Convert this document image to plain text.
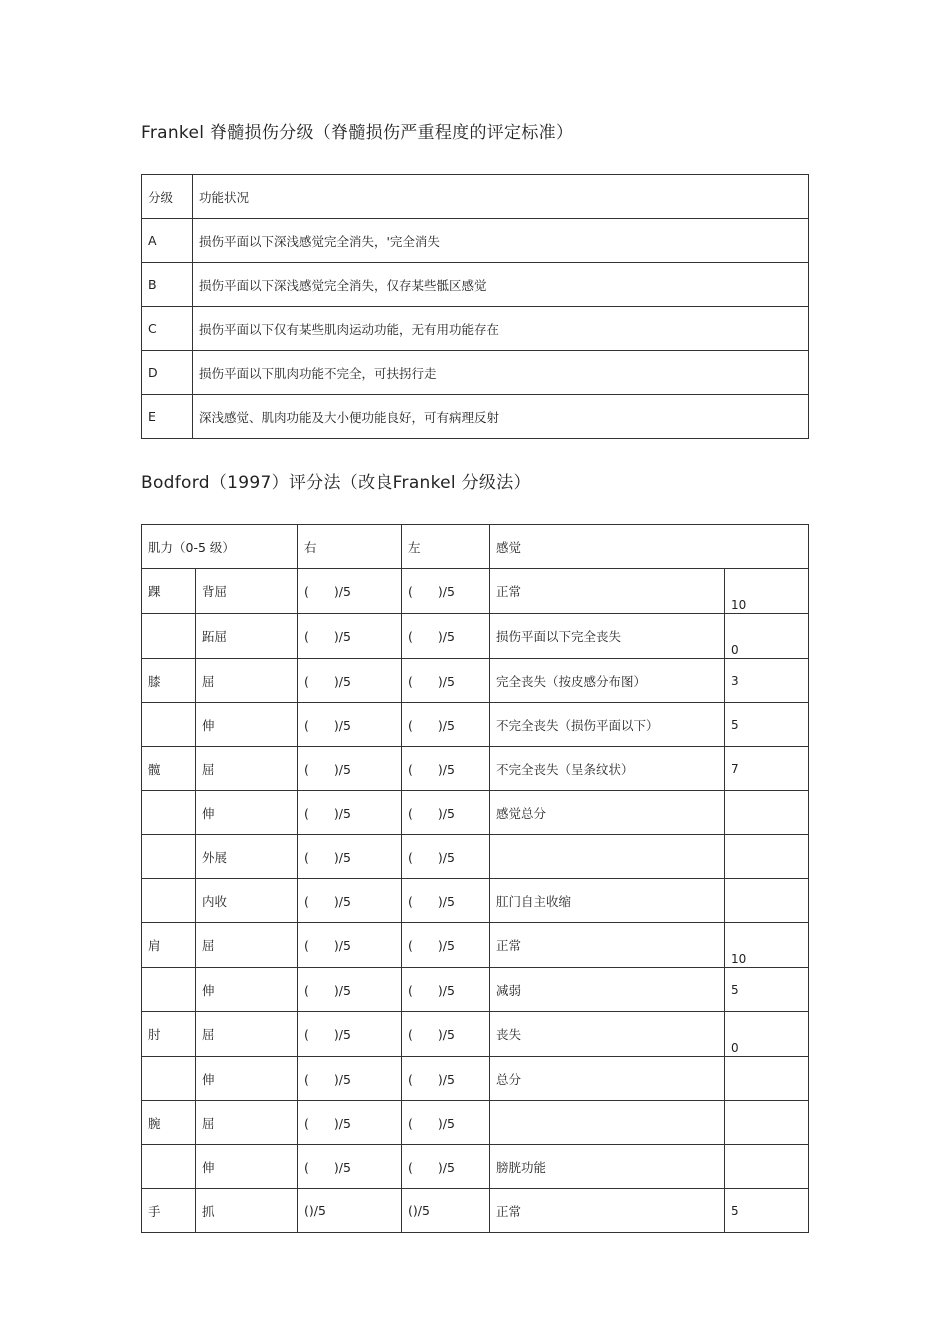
Frankel 脊髓损伤分级（脊髓损伤严重程度的评定标准）
分级	功能状况
A	损伤平面以下深浅感觉完全消失，'完全消失
B	损伤平面以下深浅感觉完全消失，仅存某些骶区感觉
C	损伤平面以下仅有某些肌肉运动功能，无有用功能存在
D	损伤平面以下肌肉功能不完全，可扶拐行走
E	深浅感觉、肌肉功能及大小便功能良好，可有病理反射
Bodford（1997）评分法（改良Frankel 分级法）
肌力（0-5 级）		右	左	感觉	
踝	背屈	(　　)/5	(　　)/5	正常	10
	跖屈	(　　)/5	(　　)/5	损伤平面以下完全丧失	0
膝	屈	(　　)/5	(　　)/5	完全丧失（按皮感分布图）	3
	伸	(　　)/5	(　　)/5	不完全丧失（损伤平面以下）	5
髋	屈	(　　)/5	(　　)/5	不完全丧失（呈条纹状）	7
	伸	(　　)/5	(　　)/5	感觉总分	
	外展	(　　)/5	(　　)/5		
	内收	(　　)/5	(　　)/5	肛门自主收缩	
肩	屈	(　　)/5	(　　)/5	正常	10
	伸	(　　)/5	(　　)/5	减弱	5
肘	屈	(　　)/5	(　　)/5	丧失	0
	伸	(　　)/5	(　　)/5	总分	
腕	屈	(　　)/5	(　　)/5		
	伸	(　　)/5	(　　)/5	膀胱功能	
手	抓	()/5	()/5	正常	5
